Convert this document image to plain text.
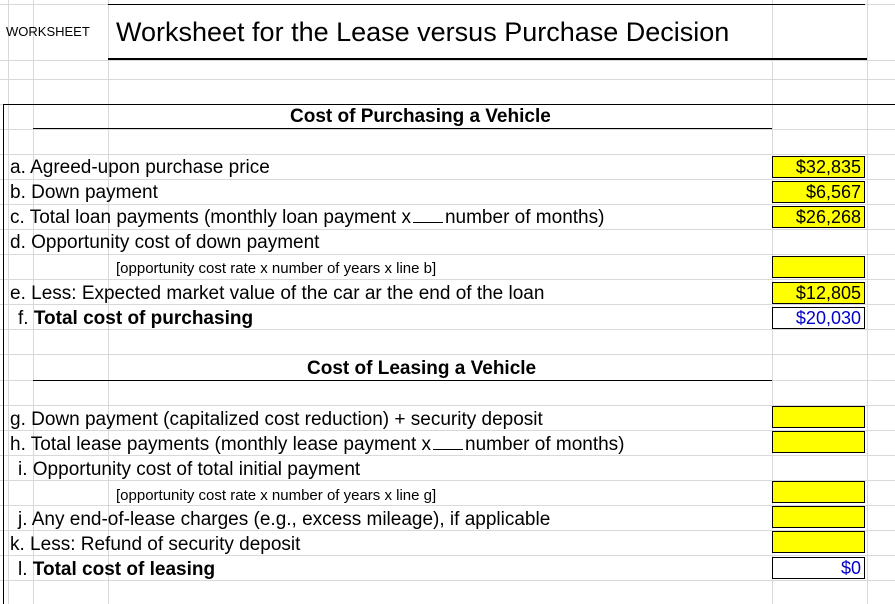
WORKSHEET Worksheet for the Lease versus Purchase Decision
Cost of Purchasing a Vehicle
a. Agreed-upon purchase price
b. Down payment
c. Total loan payments (monthly loan payment x number of months)
d. Opportunity cost of down payment
[opportunity cost rate x number of years x line b]
e. Less: Expected market value of the car ar the end of the loan
f. Total cost of purchasing
$32,835
$6,567
$26,268
$12,805
$20,030
Cost of Leasing a Vehicle
g. Down payment (capitalized cost reduction) + security deposit
h. Total lease payments (monthly lease payment x number of months)
i. Opportunity cost of total initial payment
[opportunity cost rate x number of years x line g]
j. Any end-of-lease charges (e.g., excess mileage), if applicable
k. Less: Refund of security deposit
l. Total cost of leasing	$0
